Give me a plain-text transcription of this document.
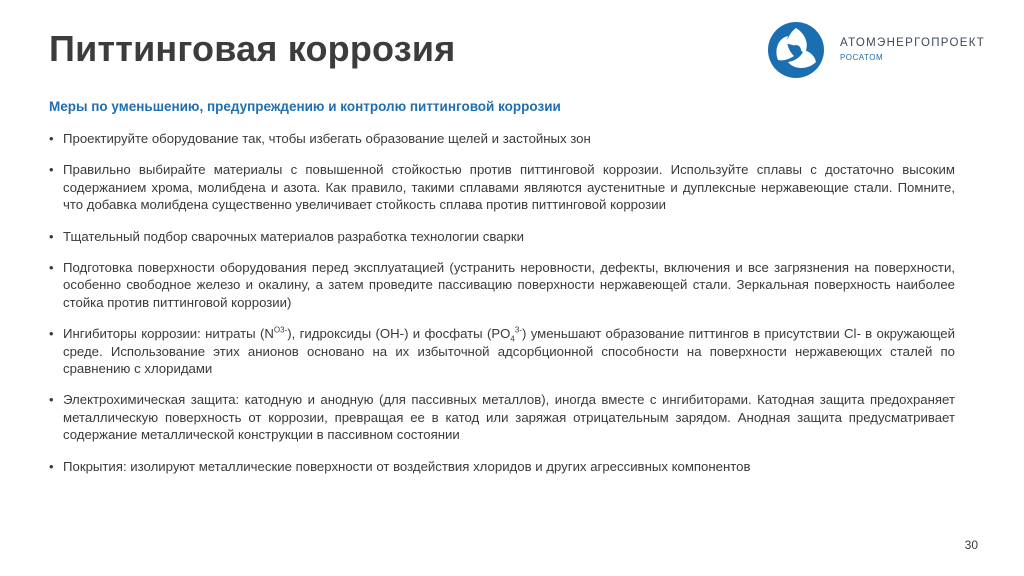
Питтинговая коррозия	АТОМЭНЕРГОПРОЕКТ
РОСАТОМ
Меры по уменьшению, предупреждению и контролю питтинговой коррозии
• Проектируйте оборудование так, чтобы избегать образование щелей и застойных зон
• Правильно выбирайте материалы с повышенной стойкостью против питтинговой коррозии. Используйте сплавы с достаточно высоким содержанием хрома, молибдена и азота. Как правило, такими сплавами являются аустенитные и дуплексные нержавеющие стали. Помните, что добавка молибдена существенно увеличивает стойкость сплава против питтинговой коррозии
• Тщательный подбор сварочных материалов разработка технологии сварки
• Подготовка поверхности оборудования перед эксплуатацией (устранить неровности, дефекты, включения и все загрязнения на поверхности, особенно свободное железо и окалину, а затем проведите пассивацию поверхности нержавеющей стали. Зеркальная поверхность наиболее стойка против питтинговой коррозии)
• Ингибиторы коррозии: нитраты $(N^{O3-})$, гидроксиды (OH-) и фосфаты $(PO_4^{3-})$ уменьшают образование питтингов в присутствии Cl- в окружающей среде. Использование этих анионов основано на их избыточной адсорбционной способности на поверхности нержавеющих сталей по сравнению с хлоридами
• Электрохимическая защита: катодную и анодную (для пассивных металлов), иногда вместе с ингибиторами. Катодная защита предохраняет металлическую поверхность от коррозии, превращая ее в катод или заряжая отрицательным зарядом. Анодная защита предусматривает содержание металлической конструкции в пассивном состоянии
• Покрытия: изолируют металлические поверхности от воздействия хлоридов и других агрессивных компонентов
30
